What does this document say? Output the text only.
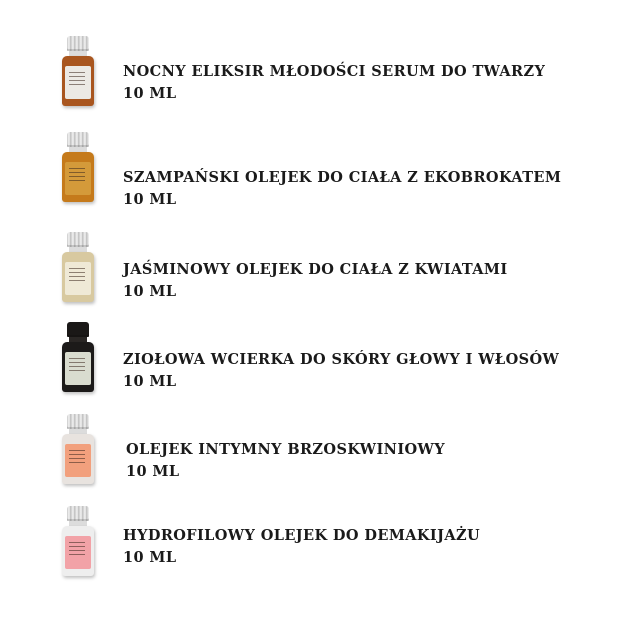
NOCNY ELIKSIR MŁODOŚCI SERUM DO TWARZY
10 ML
SZAMPAŃSKI OLEJEK DO CIAŁA Z EKOBROKATEM
10 ML
JAŚMINOWY OLEJEK DO CIAŁA Z KWIATAMI
10 ML
ZIOŁOWA WCIERKA DO SKÓRY GŁOWY I WŁOSÓW
10 ML
OLEJEK INTYMNY BRZOSKWINIOWY
10 ML
HYDROFILOWY OLEJEK DO DEMAKIJAŻU
10 ML
